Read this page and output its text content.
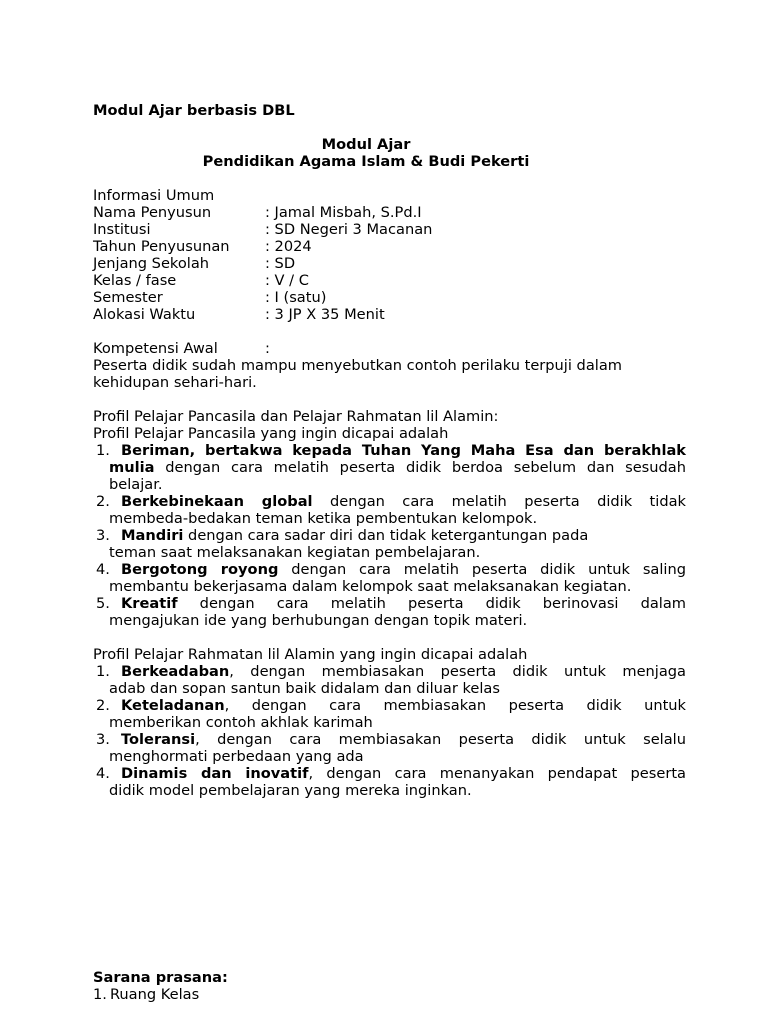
Modul Ajar berbasis DBL
Modul Ajar
Pendidikan Agama Islam & Budi Pekerti
Informasi Umum
Nama Penyusun	: Jamal Misbah, S.Pd.I
Institusi	: SD Negeri 3 Macanan
Tahun Penyusunan : 2024
Jenjang Sekolah	: SD
Kelas / fase	: V / C
Semester	: I (satu)
Alokasi Waktu	: 3 JP X 35 Menit
Kompetensi Awal	:
Peserta didik sudah mampu menyebutkan contoh perilaku terpuji dalam
kehidupan sehari-hari.
Profil Pelajar Pancasila dan Pelajar Rahmatan lil Alamin:
Profil Pelajar Pancasila yang ingin dicapai adalah
1. Beriman, bertakwa kepada Tuhan Yang Maha Esa dan berakhlak
mulia dengan cara melatih peserta didik berdoa sebelum dan sesudah
belajar.
2. Berkebinekaan global dengan cara melatih peserta didik tidak
membeda-bedakan teman ketika pembentukan kelompok.
3. Mandiri dengan cara sadar diri dan tidak ketergantungan pada
teman saat melaksanakan kegiatan pembelajaran.
4. Bergotong royong dengan cara melatih peserta didik untuk saling
membantu bekerjasama dalam kelompok saat melaksanakan kegiatan.
5. Kreatif dengan cara melatih peserta didik berinovasi dalam
mengajukan ide yang berhubungan dengan topik materi.
Profil Pelajar Rahmatan lil Alamin yang ingin dicapai adalah
1. Berkeadaban, dengan membiasakan peserta didik untuk menjaga
adab dan sopan santun baik didalam dan diluar kelas
2. Keteladanan, dengan cara membiasakan peserta didik untuk
memberikan contoh akhlak karimah
3. Toleransi, dengan cara membiasakan peserta didik untuk selalu
menghormati perbedaan yang ada
4. Dinamis dan inovatif, dengan cara menanyakan pendapat peserta
didik model pembelajaran yang mereka inginkan.
Sarana prasana:
1. Ruang Kelas
